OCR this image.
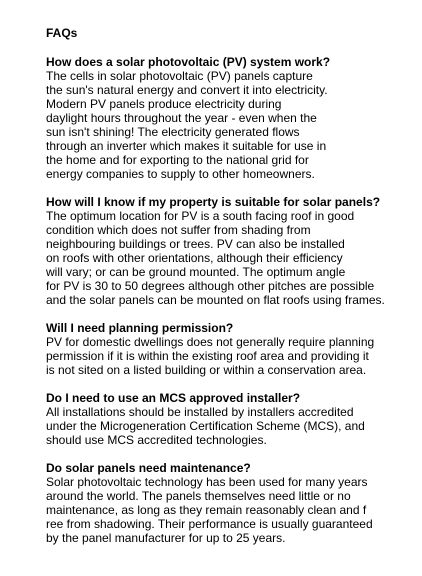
FAQs
How does a solar photovoltaic (PV) system work?
The cells in solar photovoltaic (PV) panels capture
the sun's natural energy and convert it into electricity.
Modern PV panels produce electricity during
daylight hours throughout the year - even when the
sun isn't shining! The electricity generated flows
through an inverter which makes it suitable for use in
the home and for exporting to the national grid for
energy companies to supply to other homeowners.
How will I know if my property is suitable for solar panels?
The optimum location for PV is a south facing roof in good
condition which does not suffer from shading from
neighbouring buildings or trees. PV can also be installed
on roofs with other orientations, although their efficiency
will vary; or can be ground mounted. The optimum angle
for PV is 30 to 50 degrees although other pitches are possible
and the solar panels can be mounted on flat roofs using frames.
Will I need planning permission?
PV for domestic dwellings does not generally require planning
permission if it is within the existing roof area and providing it
is not sited on a listed building or within a conservation area.
Do I need to use an MCS approved installer?
All installations should be installed by installers accredited
under the Microgeneration Certification Scheme (MCS), and
should use MCS accredited technologies.
Do solar panels need maintenance?
Solar photovoltaic technology has been used for many years
around the world. The panels themselves need little or no
maintenance, as long as they remain reasonably clean and f
ree from shadowing. Their performance is usually guaranteed
by the panel manufacturer for up to 25 years.
